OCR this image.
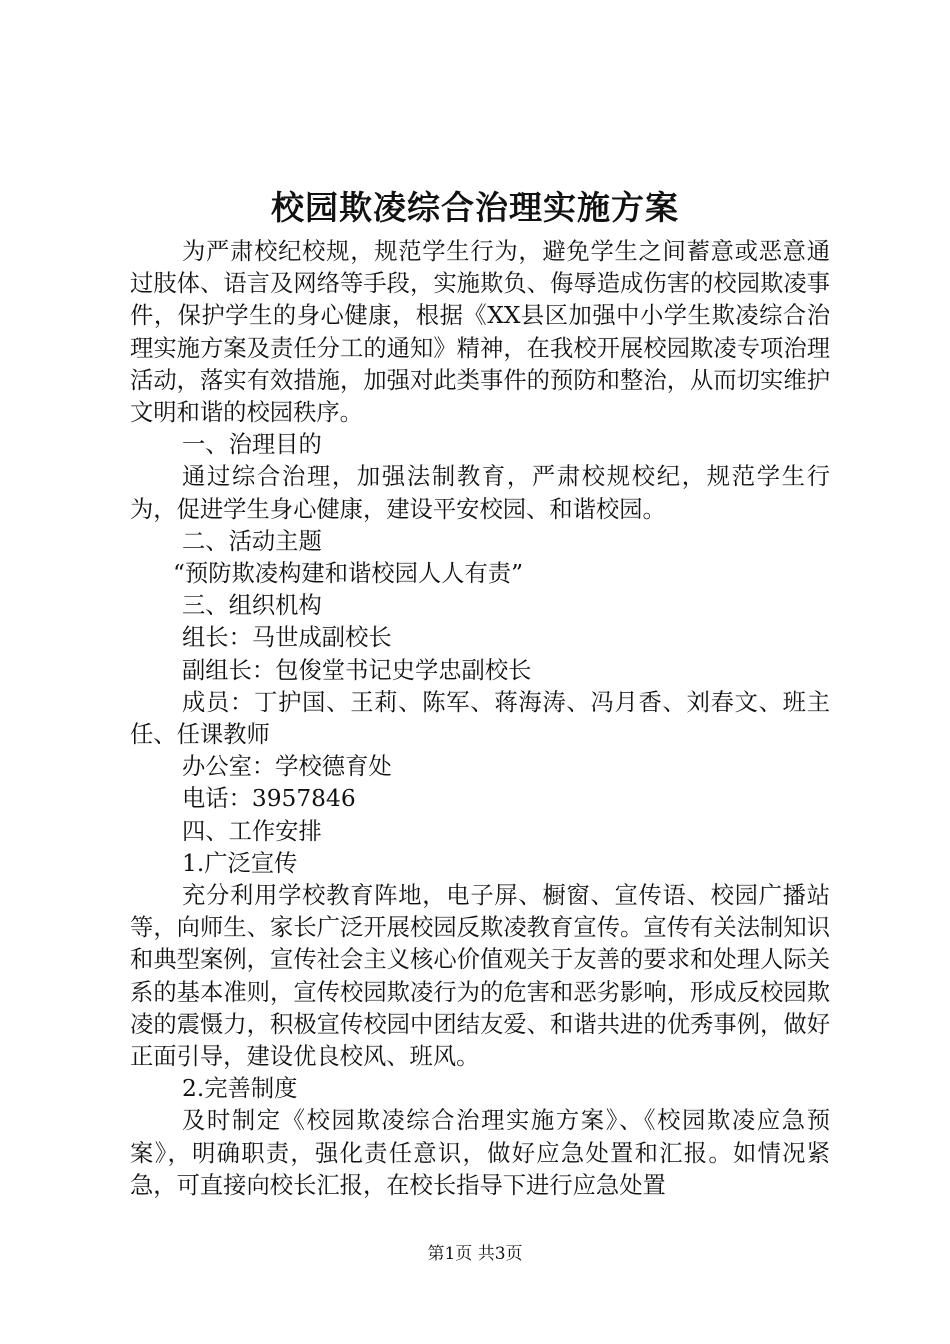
校园欺凌综合治理实施方案

为严肃校纪校规，规范学生行为，避免学生之间蓄意或恶意通过肢体、语言及网络等手段，实施欺负、侮辱造成伤害的校园欺凌事件，保护学生的身心健康，根据《XX县区加强中小学生欺凌综合治理实施方案及责任分工的通知》精神，在我校开展校园欺凌专项治理活动，落实有效措施，加强对此类事件的预防和整治，从而切实维护文明和谐的校园秩序。

一、治理目的

通过综合治理，加强法制教育，严肃校规校纪，规范学生行为，促进学生身心健康，建设平安校园、和谐校园。

二、活动主题

“预防欺凌构建和谐校园人人有责”

三、组织机构

组长：马世成副校长

副组长：包俊堂书记史学忠副校长

成员：丁护国、王莉、陈军、蒋海涛、冯月香、刘春文、班主任、任课教师

办公室：学校德育处

电话：3957846

四、工作安排

1.广泛宣传

充分利用学校教育阵地，电子屏、橱窗、宣传语、校园广播站等，向师生、家长广泛开展校园反欺凌教育宣传。宣传有关法制知识和典型案例，宣传社会主义核心价值观关于友善的要求和处理人际关系的基本准则，宣传校园欺凌行为的危害和恶劣影响，形成反校园欺凌的震慑力，积极宣传校园中团结友爱、和谐共进的优秀事例，做好正面引导，建设优良校风、班风。

2.完善制度

及时制定《校园欺凌综合治理实施方案》、《校园欺凌应急预案》，明确职责，强化责任意识，做好应急处置和汇报。如情况紧急，可直接向校长汇报，在校长指导下进行应急处置

第1页 共3页
